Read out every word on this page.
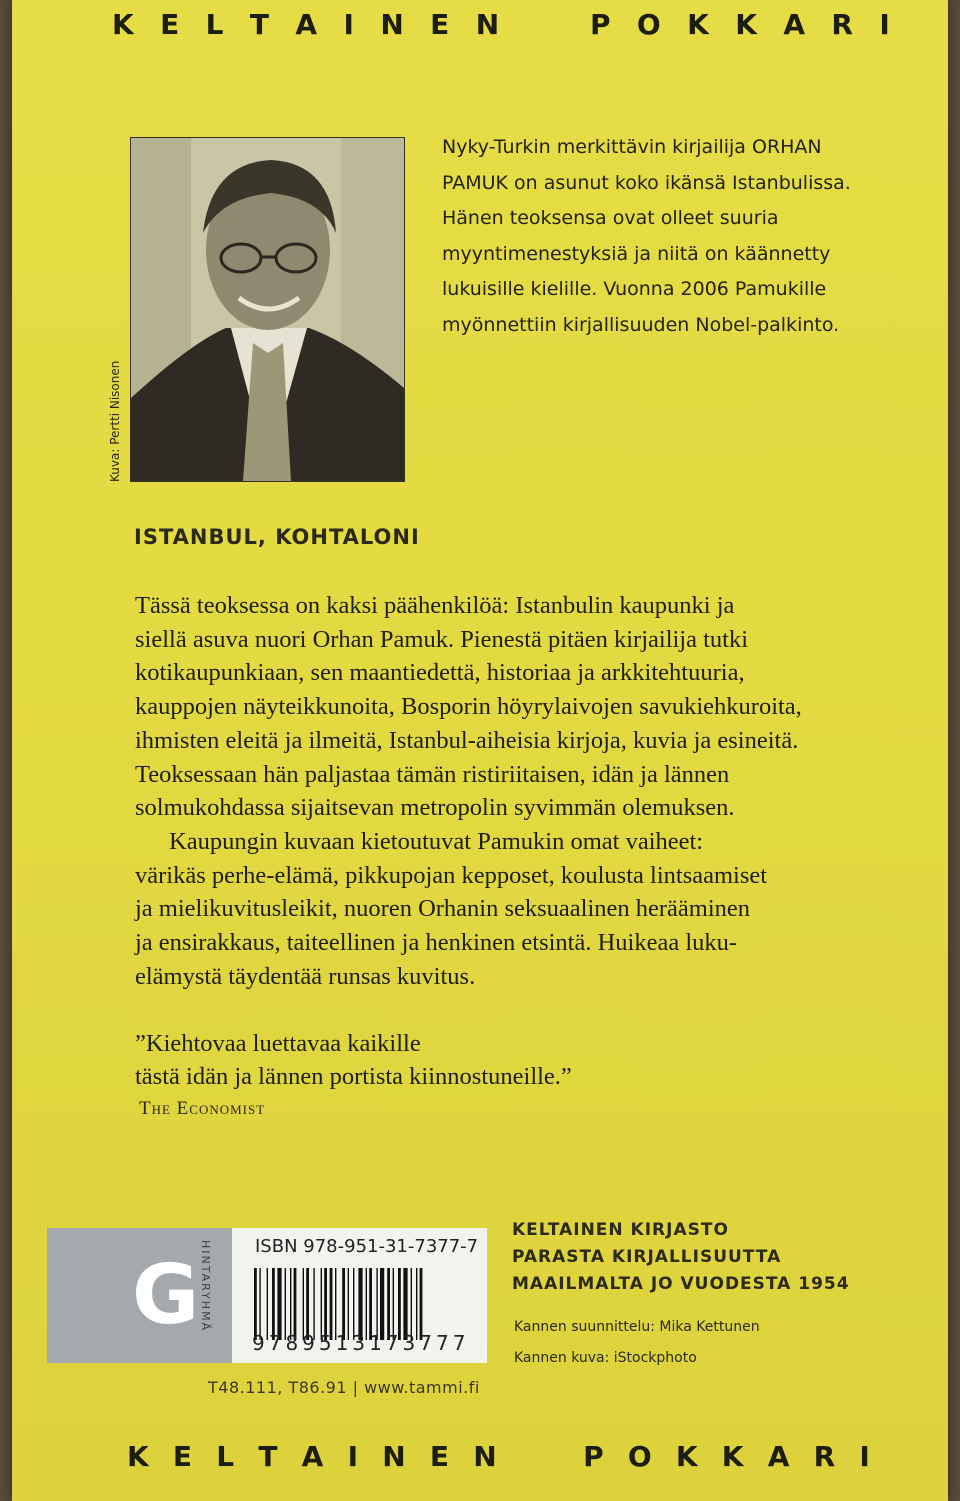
K E L T A I N E N	P O K K A R I
Kuva: Pertti Nisonen
Nyky-Turkin merkittävin kirjailija ORHAN
PAMUK on asunut koko ikänsä Istanbulissa.
Hänen teoksensa ovat olleet suuria
myyntimenestyksiä ja niitä on käännetty
lukuisille kielille. Vuonna 2006 Pamukille
myönnettiin kirjallisuuden Nobel-palkinto.
ISTANBUL, KOHTALONI
Tässä teoksessa on kaksi päähenkilöä: Istanbulin kaupunki ja
siellä asuva nuori Orhan Pamuk. Pienestä pitäen kirjailija tutki
kotikaupunkiaan, sen maantiedettä, historiaa ja arkkitehtuuria,
kauppojen näyteikkunoita, Bosporin höyrylaivojen savukiehkuroita,
ihmisten eleitä ja ilmeitä, Istanbul-aiheisia kirjoja, kuvia ja esineitä.
Teoksessaan hän paljastaa tämän ristiriitaisen, idän ja lännen
solmukohdassa sijaitsevan metropolin syvimmän olemuksen.
Kaupungin kuvaan kietoutuvat Pamukin omat vaiheet:
värikäs perhe-elämä, pikkupojan kepposet, koulusta lintsaamiset
ja mielikuvitusleikit, nuoren Orhanin seksuaalinen herääminen
ja ensirakkaus, taiteellinen ja henkinen etsintä. Huikeaa luku-
elämystä täydentää runsas kuvitus.
”Kiehtovaa luettavaa kaikille
tästä idän ja lännen portista kiinnostuneille.”
The Economist
G HINTARYHMÄ ISBN 978-951-31-7377-7
9789513173777
KELTAINEN KIRJASTO
PARASTA KIRJALLISUUTTA
MAAILMALTA JO VUODESTA 1954
Kannen suunnittelu: Mika Kettunen
Kannen kuva: iStockphoto
T48.111, T86.91 | www.tammi.fi
K E L T A I N E N	P O K K A R I
